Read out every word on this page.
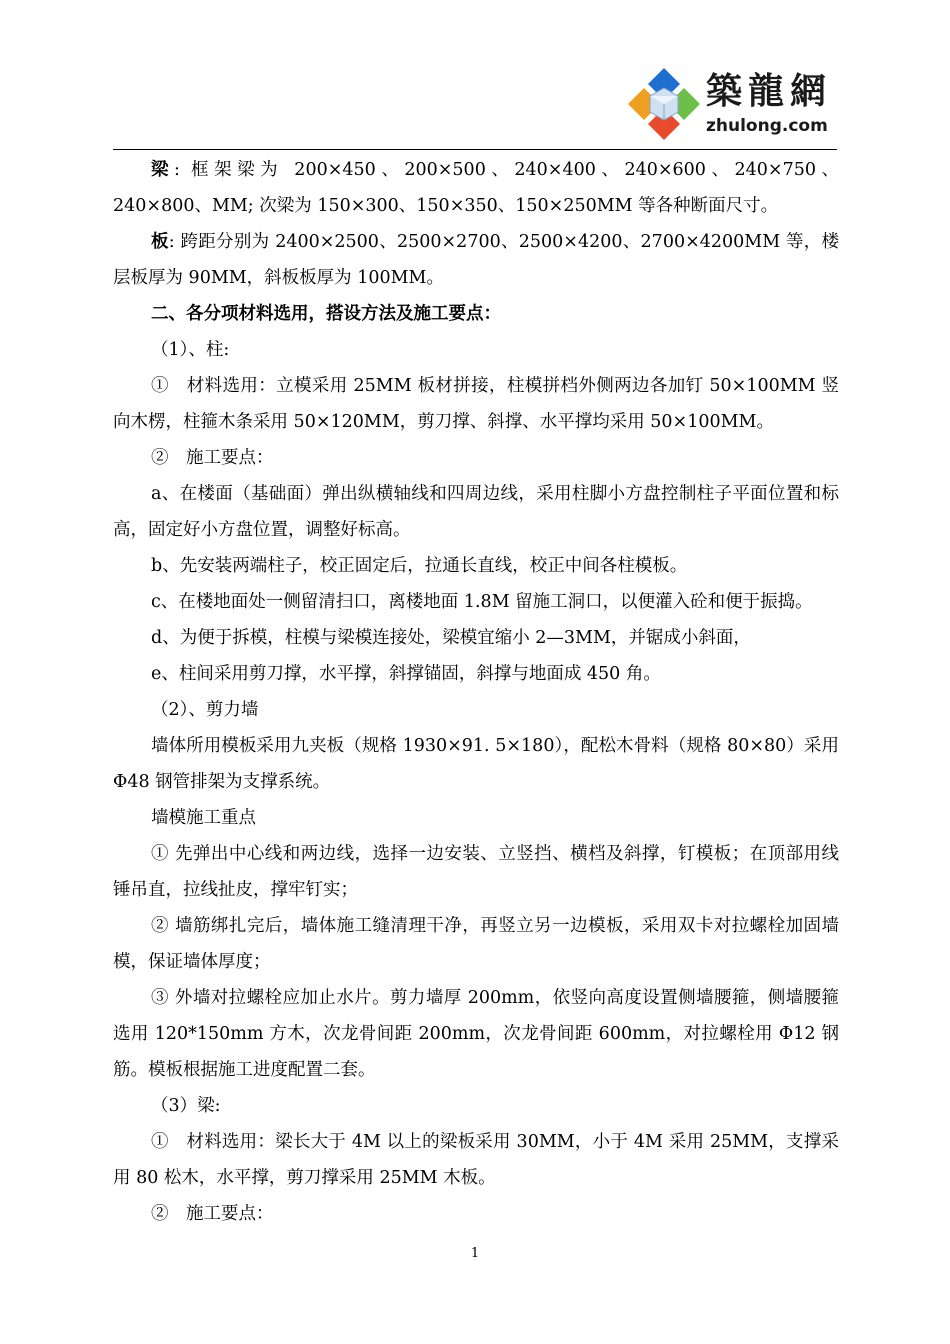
築龍網
zhulong.com

梁: 框架梁为 200×450、200×500、240×400、240×600、240×750、240×800、MM; 次梁为 150×300、150×350、150×250MM 等各种断面尺寸。

板: 跨距分别为 2400×2500、2500×2700、2500×4200、2700×4200MM 等，楼层板厚为 90MM，斜板板厚为 100MM。

二、各分项材料选用，搭设方法及施工要点：

（1）、柱:

①　材料选用：立模采用 25MM 板材拼接，柱模拼档外侧两边各加钉 50×100MM 竖向木楞，柱箍木条采用 50×120MM，剪刀撑、斜撑、水平撑均采用 50×100MM。

②　施工要点：

a、在楼面（基础面）弹出纵横轴线和四周边线，采用柱脚小方盘控制柱子平面位置和标高，固定好小方盘位置，调整好标高。

b、先安装两端柱子，校正固定后，拉通长直线，校正中间各柱模板。

c、在楼地面处一侧留清扫口，离楼地面 1.8M 留施工洞口，以便灌入砼和便于振捣。

d、为便于拆模，柱模与梁模连接处，梁模宜缩小 2—3MM，并锯成小斜面，

e、柱间采用剪刀撑，水平撑，斜撑锚固，斜撑与地面成 450 角。

（2）、剪力墙

墙体所用模板采用九夹板（规格 1930×91. 5×180），配松木骨料（规格 80×80）采用Φ48 钢管排架为支撑系统。

墙模施工重点

① 先弹出中心线和两边线，选择一边安装、立竖挡、横档及斜撑，钉模板；在顶部用线锤吊直，拉线扯皮，撑牢钉实；

② 墙筋绑扎完后，墙体施工缝清理干净，再竖立另一边模板，采用双卡对拉螺栓加固墙模，保证墙体厚度；

③ 外墙对拉螺栓应加止水片。剪力墙厚 200mm，依竖向高度设置侧墙腰箍，侧墙腰箍选用 120*150mm 方木，次龙骨间距 200mm，次龙骨间距 600mm，对拉螺栓用 Φ12 钢筋。模板根据施工进度配置二套。

（3）梁:

①　材料选用：梁长大于 4M 以上的梁板采用 30MM，小于 4M 采用 25MM，支撑采用 80 松木，水平撑，剪刀撑采用 25MM 木板。

②　施工要点：

1
